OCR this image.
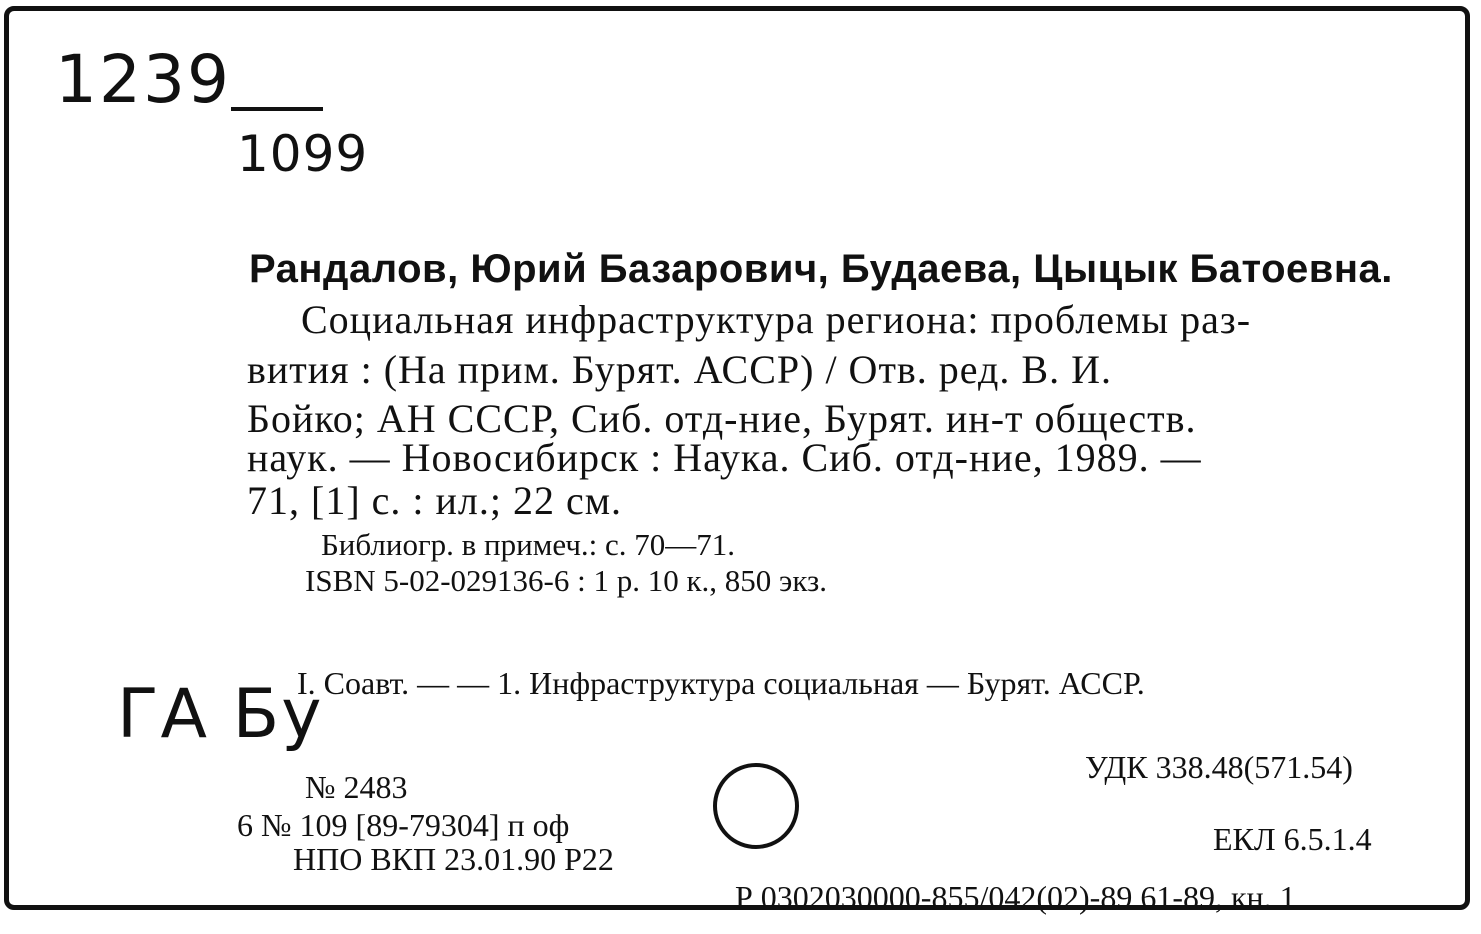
1239
1099
Рандалов, Юрий Базарович, Будаева, Цыцык Батоевна.
Социальная инфраструктура региона: проблемы раз-
вития : (На прим. Бурят. АССР) / Отв. ред. В. И.
Бойко; АН СССР, Сиб. отд-ние, Бурят. ин-т обществ.
наук. — Новосибирск : Наука. Сиб. отд-ние, 1989. —
71, [1] с. : ил.; 22 см.
Библиогр. в примеч.: с. 70—71.
ISBN 5-02-029136-6 : 1 р. 10 к., 850 экз.
ГА Бу
I. Соавт. — — 1. Инфраструктура социальная — Бурят. АССР.
№ 2483
6 № 109 [89-79304] п оф
НПО ВКП 23.01.90 Р22
УДК 338.48(571.54)
ЕКЛ 6.5.1.4
Р 0302030000-855/042(02)-89 61-89, кн. 1
